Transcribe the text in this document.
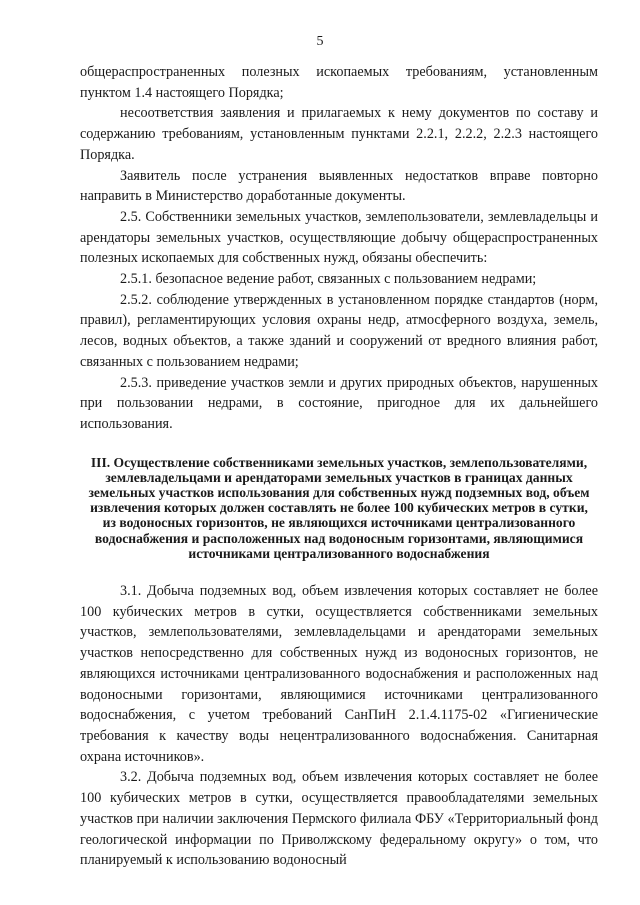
5

общераспространенных полезных ископаемых требованиям, установленным пунктом 1.4 настоящего Порядка;

несоответствия заявления и прилагаемых к нему документов по составу и содержанию требованиям, установленным пунктами 2.2.1, 2.2.2, 2.2.3 настоящего Порядка.

Заявитель после устранения выявленных недостатков вправе повторно направить в Министерство доработанные документы.

2.5. Собственники земельных участков, землепользователи, землевладельцы и арендаторы земельных участков, осуществляющие добычу общераспространенных полезных ископаемых для собственных нужд, обязаны обеспечить:

2.5.1. безопасное ведение работ, связанных с пользованием недрами;

2.5.2. соблюдение утвержденных в установленном порядке стандартов (норм, правил), регламентирующих условия охраны недр, атмосферного воздуха, земель, лесов, водных объектов, а также зданий и сооружений от вредного влияния работ, связанных с пользованием недрами;

2.5.3. приведение участков земли и других природных объектов, нарушенных при пользовании недрами, в состояние, пригодное для их дальнейшего использования.

III. Осуществление собственниками земельных участков, землепользователями, землевладельцами и арендаторами земельных участков в границах данных земельных участков использования для собственных нужд подземных вод, объем извлечения которых должен составлять не более 100 кубических метров в сутки, из водоносных горизонтов, не являющихся источниками централизованного водоснабжения и расположенных над водоносным горизонтами, являющимися источниками централизованного водоснабжения

3.1. Добыча подземных вод, объем извлечения которых составляет не более 100 кубических метров в сутки, осуществляется собственниками земельных участков, землепользователями, землевладельцами и арендаторами земельных участков непосредственно для собственных нужд из водоносных горизонтов, не являющихся источниками централизованного водоснабжения и расположенных над водоносными горизонтами, являющимися источниками централизованного водоснабжения, с учетом требований СанПиН 2.1.4.1175-02 «Гигиенические требования к качеству воды нецентрализованного водоснабжения. Санитарная охрана источников».

3.2. Добыча подземных вод, объем извлечения которых составляет не более 100 кубических метров в сутки, осуществляется правообладателями земельных участков при наличии заключения Пермского филиала ФБУ «Территориальный фонд геологической информации по Приволжскому федеральному округу» о том, что планируемый к использованию водоносный
